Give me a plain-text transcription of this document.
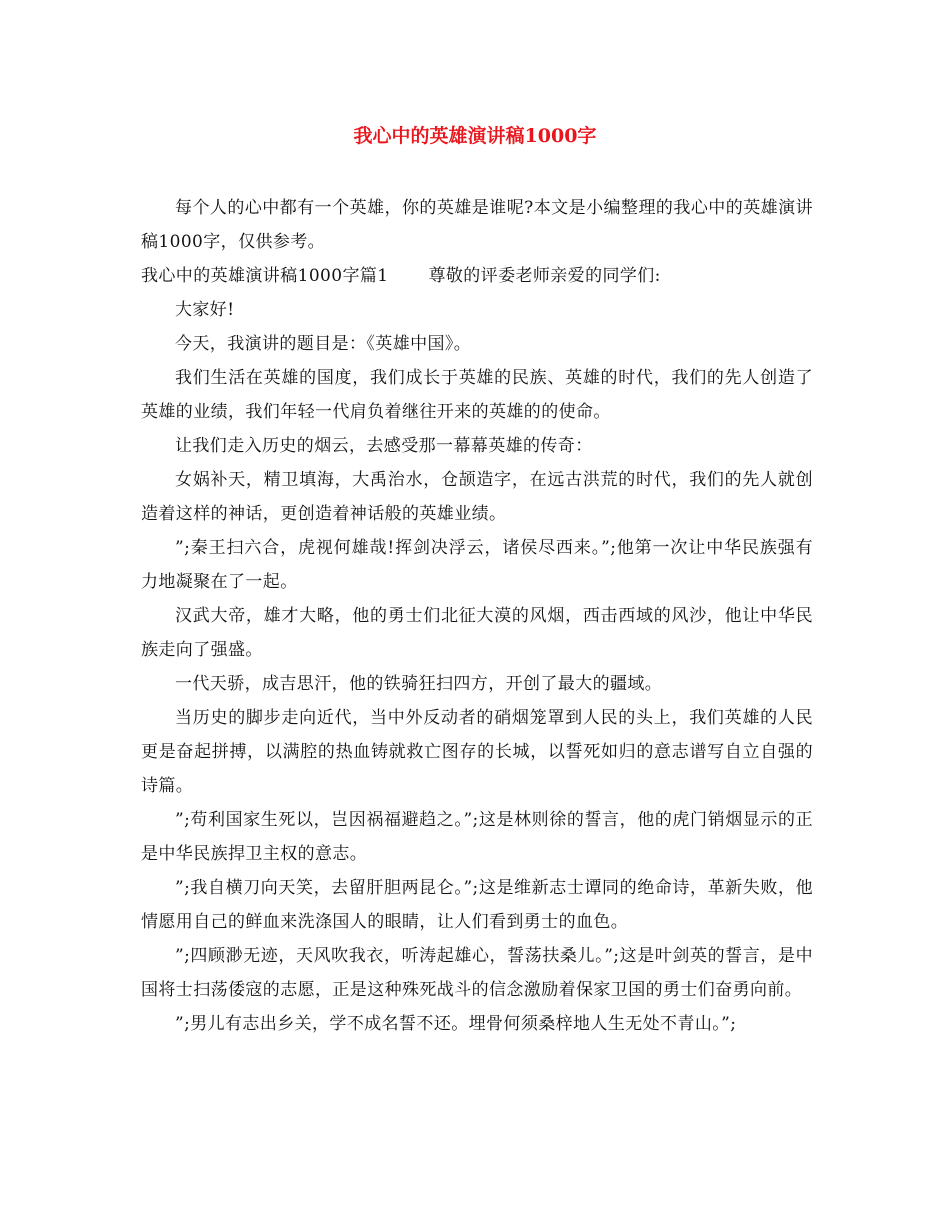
我心中的英雄演讲稿1000字

每个人的心中都有一个英雄，你的英雄是谁呢?本文是小编整理的我心中的英雄演讲稿1000字，仅供参考。

我心中的英雄演讲稿1000字篇1 尊敬的评委老师亲爱的同学们:

大家好!

今天，我演讲的题目是：《英雄中国》。

我们生活在英雄的国度，我们成长于英雄的民族、英雄的时代，我们的先人创造了英雄的业绩，我们年轻一代肩负着继往开来的英雄的的使命。

让我们走入历史的烟云，去感受那一幕幕英雄的传奇：

女娲补天，精卫填海，大禹治水，仓颉造字，在远古洪荒的时代，我们的先人就创造着这样的神话，更创造着神话般的英雄业绩。

”;秦王扫六合，虎视何雄哉!挥剑决浮云，诸侯尽西来。”;他第一次让中华民族强有力地凝聚在了一起。

汉武大帝，雄才大略，他的勇士们北征大漠的风烟，西击西域的风沙，他让中华民族走向了强盛。

一代天骄，成吉思汗，他的铁骑狂扫四方，开创了最大的疆域。

当历史的脚步走向近代，当中外反动者的硝烟笼罩到人民的头上，我们英雄的人民更是奋起拼搏，以满腔的热血铸就救亡图存的长城，以誓死如归的意志谱写自立自强的诗篇。

”;苟利国家生死以，岂因祸福避趋之。”;这是林则徐的誓言，他的虎门销烟显示的正是中华民族捍卫主权的意志。

”;我自横刀向天笑，去留肝胆两昆仑。”;这是维新志士谭同的绝命诗，革新失败，他情愿用自己的鲜血来洗涤国人的眼睛，让人们看到勇士的血色。

”;四顾渺无迹，天风吹我衣，听涛起雄心，誓荡扶桑儿。”;这是叶剑英的誓言，是中国将士扫荡倭寇的志愿，正是这种殊死战斗的信念激励着保家卫国的勇士们奋勇向前。

”;男儿有志出乡关，学不成名誓不还。埋骨何须桑梓地人生无处不青山。”;
